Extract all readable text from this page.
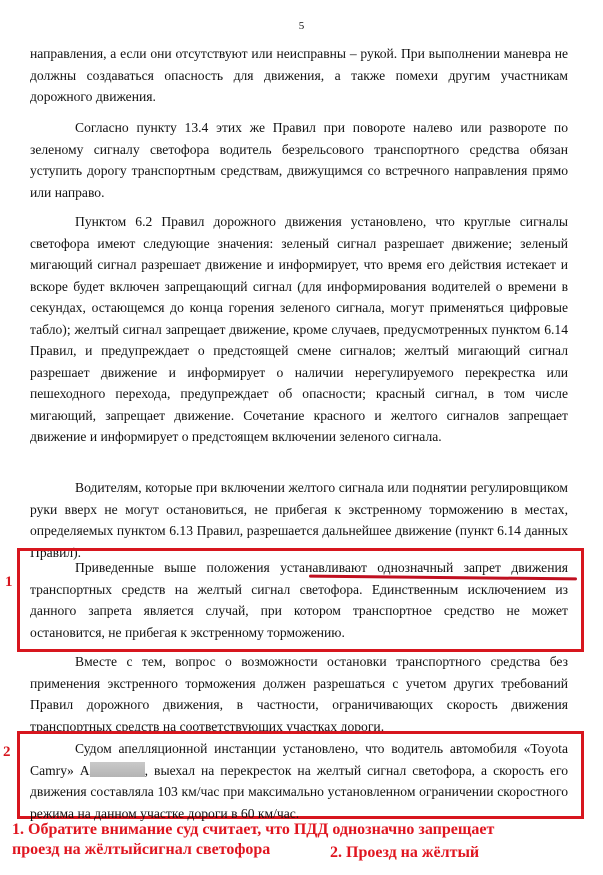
5

направления, а если они отсутствуют или неисправны – рукой. При выполнении маневра не должны создаваться опасность для движения, а также помехи другим участникам дорожного движения.

Согласно пункту 13.4 этих же Правил при повороте налево или развороте по зеленому сигналу светофора водитель безрельсового транспортного средства обязан уступить дорогу транспортным средствам, движущимся со встречного направления прямо или направо.

Пунктом 6.2 Правил дорожного движения установлено, что круглые сигналы светофора имеют следующие значения: зеленый сигнал разрешает движение; зеленый мигающий сигнал разрешает движение и информирует, что время его действия истекает и вскоре будет включен запрещающий сигнал (для информирования водителей о времени в секундах, остающемся до конца горения зеленого сигнала, могут применяться цифровые табло); желтый сигнал запрещает движение, кроме случаев, предусмотренных пунктом 6.14 Правил, и предупреждает о предстоящей смене сигналов; желтый мигающий сигнал разрешает движение и информирует о наличии нерегулируемого перекрестка или пешеходного перехода, предупреждает об опасности; красный сигнал, в том числе мигающий, запрещает движение. Сочетание красного и желтого сигналов запрещает движение и информирует о предстоящем включении зеленого сигнала.

Водителям, которые при включении желтого сигнала или поднятии регулировщиком руки вверх не могут остановиться, не прибегая к экстренному торможению в местах, определяемых пунктом 6.13 Правил, разрешается дальнейшее движение (пункт 6.14 данных Правил).

1

Приведенные выше положения устанавливают однозначный запрет движения транспортных средств на желтый сигнал светофора. Единственным исключением из данного запрета является случай, при котором транспортное средство не может остановится, не прибегая к экстренному торможению.

Вместе с тем, вопрос о возможности остановки транспортного средства без применения экстренного торможения должен разрешаться с учетом других требований Правил дорожного движения, в частности, ограничивающих скорость движения транспортных средств на соответствующих участках дороги.

2	Судом апелляционной инстанции установлено, что водитель автомобиля «Toyota Camry» А	, выехал на перекресток на желтый сигнал светофора, а скорость его движения составляла 103 км/час при максимально установленном ограничении скоростного режима на данном участке дороги в 60 км/час.

1. Обратите внимание суд считает, что ПДД однозначно запрещает
проезд на жёлтыйсигнал светофора	2. Проезд на жёлтый
